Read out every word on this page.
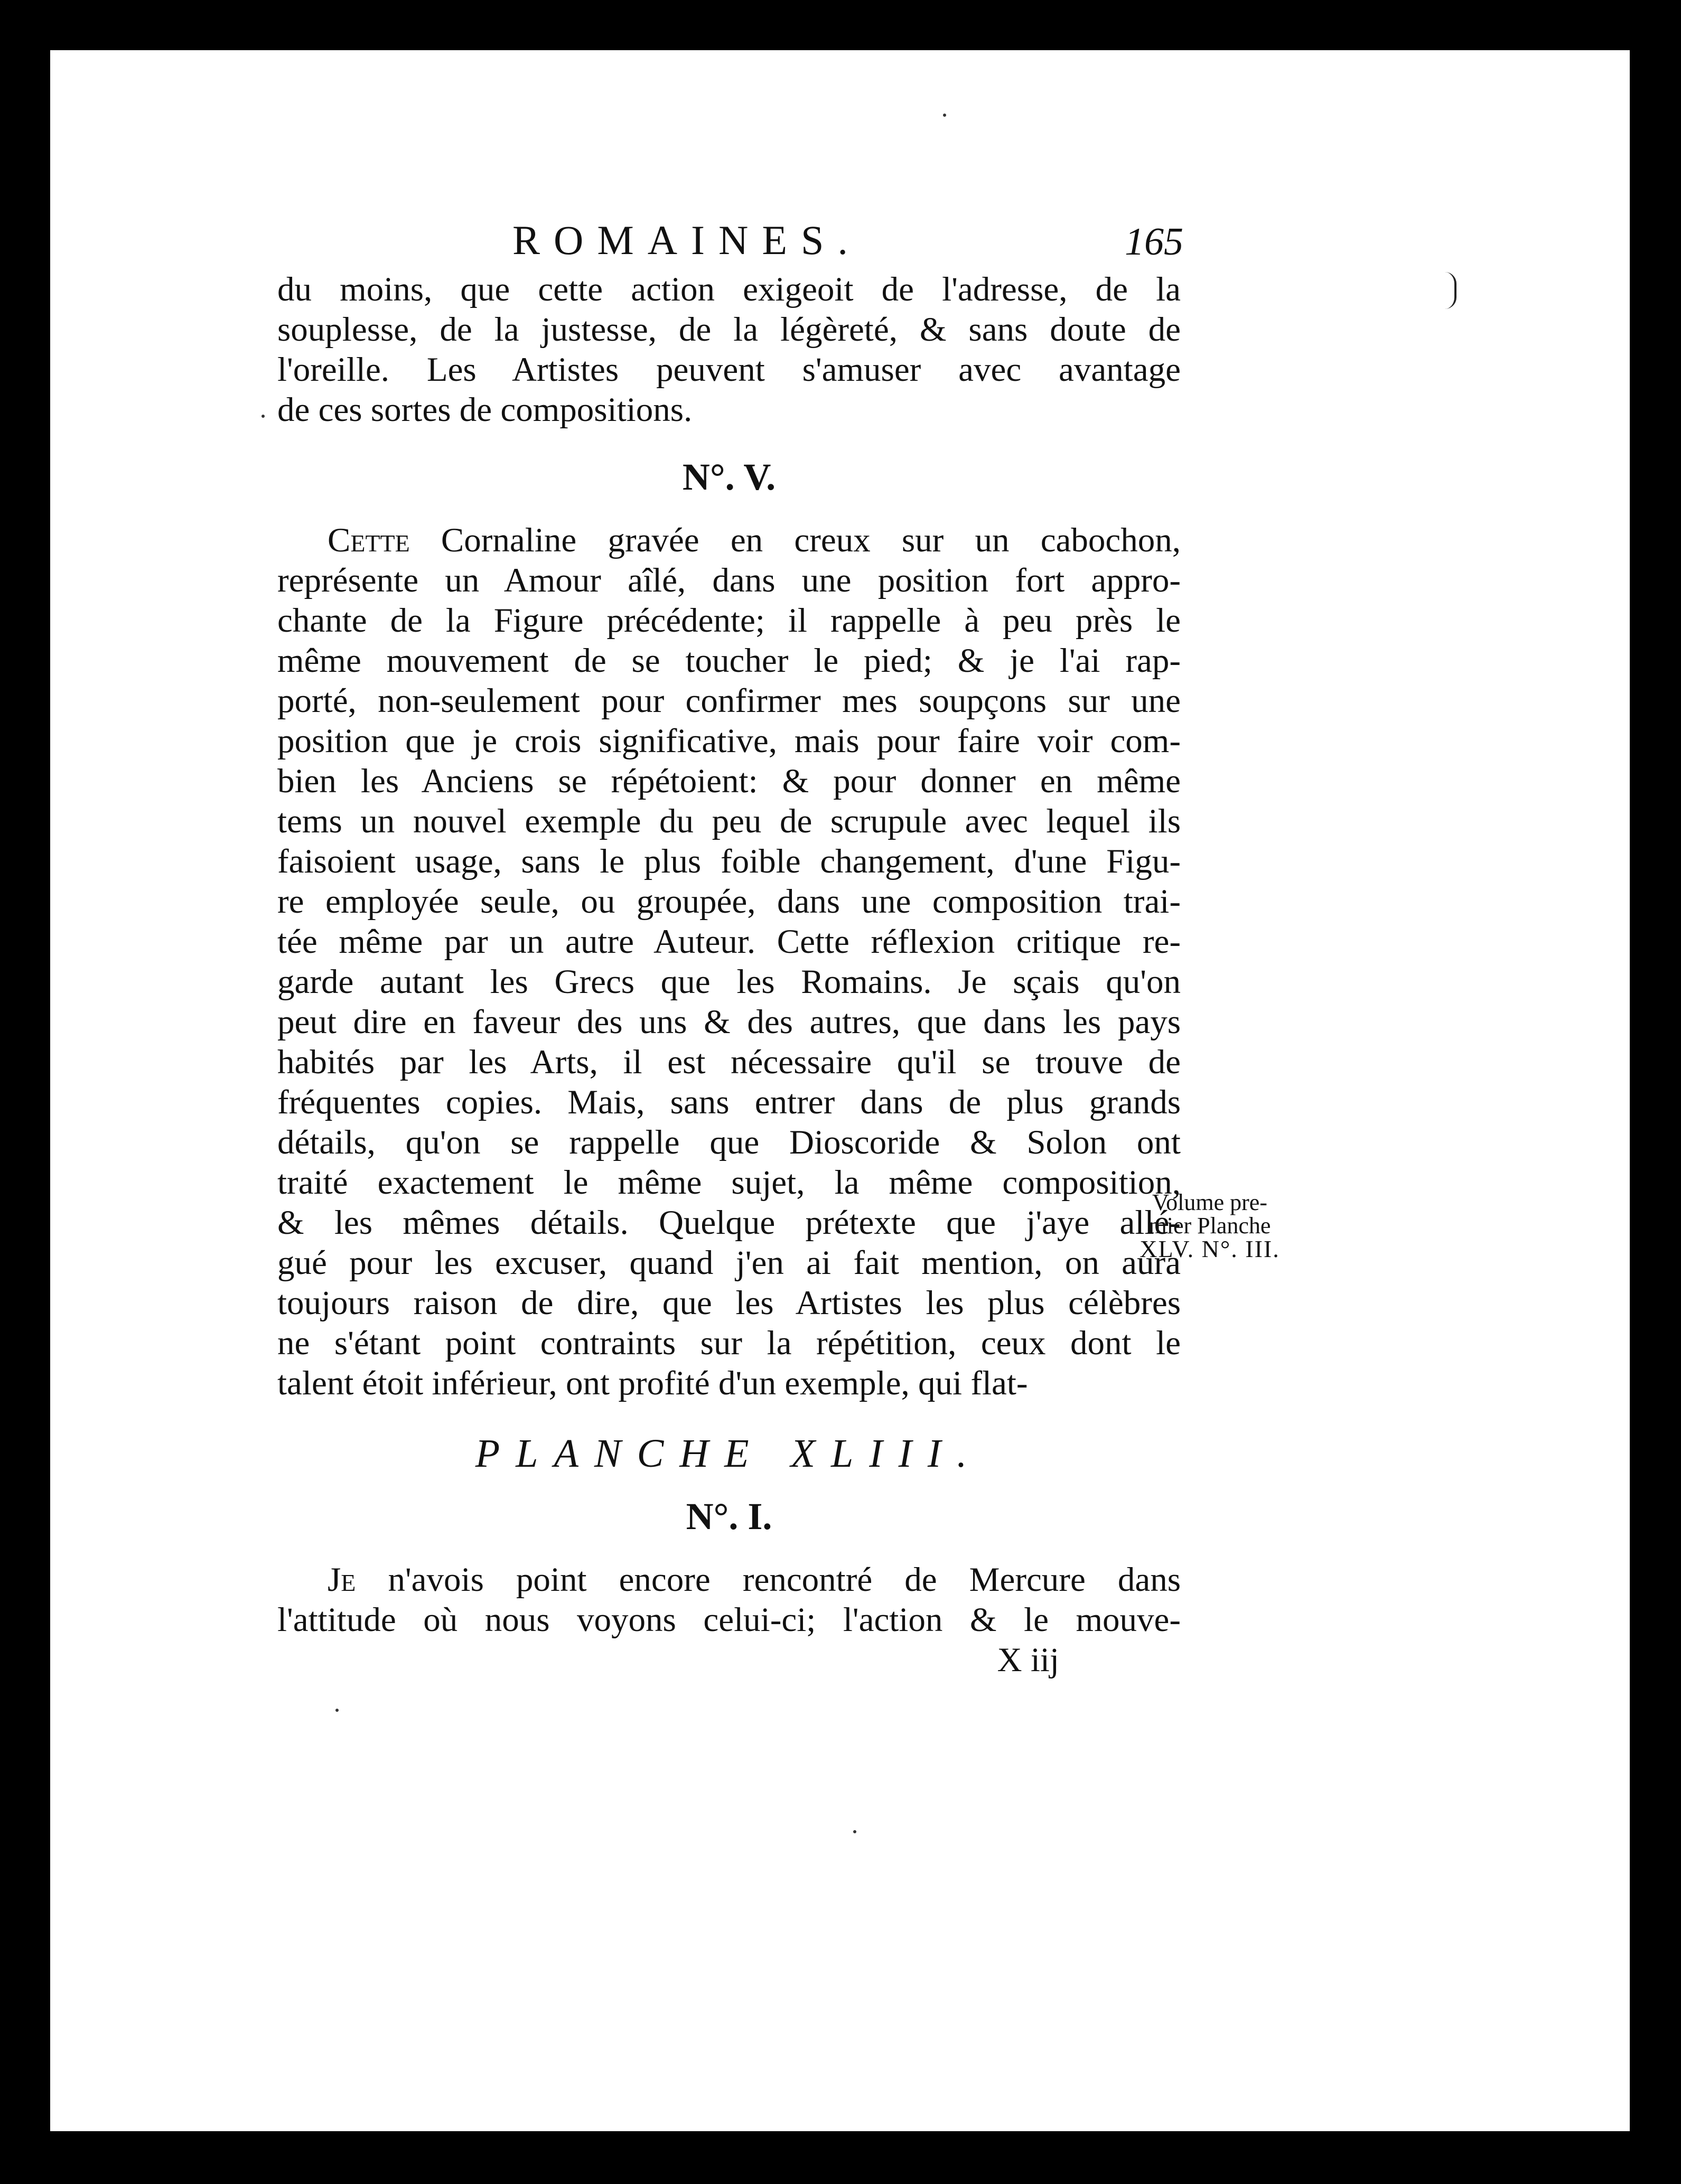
ROMAINES.	165
du moins, que cette action exigeoit de l'adresse, de la
souplesse, de la justesse, de la légèreté, & sans doute de
l'oreille. Les Artistes peuvent s'amuser avec avantage
de ces sortes de compositions.
N°. V.
Cette Cornaline gravée en creux sur un cabochon,
représente un Amour aîlé, dans une position fort appro-
chante de la Figure précédente; il rappelle à peu près le
même mouvement de se toucher le pied; & je l'ai rap-
porté, non-seulement pour confirmer mes soupçons sur une
position que je crois significative, mais pour faire voir com-
bien les Anciens se répétoient: & pour donner en même
tems un nouvel exemple du peu de scrupule avec lequel ils
faisoient usage, sans le plus foible changement, d'une Figu-
re employée seule, ou groupée, dans une composition trai-
tée même par un autre Auteur. Cette réflexion critique re-
garde autant les Grecs que les Romains. Je sçais qu'on
peut dire en faveur des uns & des autres, que dans les pays
habités par les Arts, il est nécessaire qu'il se trouve de
fréquentes copies. Mais, sans entrer dans de plus grands
détails, qu'on se rappelle que Dioscoride & Solon ont
traité exactement le même sujet, la même composition,
& les mêmes détails. Quelque prétexte que j'aye allé-
gué pour les excuser, quand j'en ai fait mention, on aura
toujours raison de dire, que les Artistes les plus célèbres
ne s'étant point contraints sur la répétition, ceux dont le
talent étoit inférieur, ont profité d'un exemple, qui flat-
PLANCHE XLIII.
N°. I.
Je n'avois point encore rencontré de Mercure dans
l'attitude où nous voyons celui-ci; l'action & le mouve-
X iij
Volume pre-
mier Planche
XLV. N°. III.
